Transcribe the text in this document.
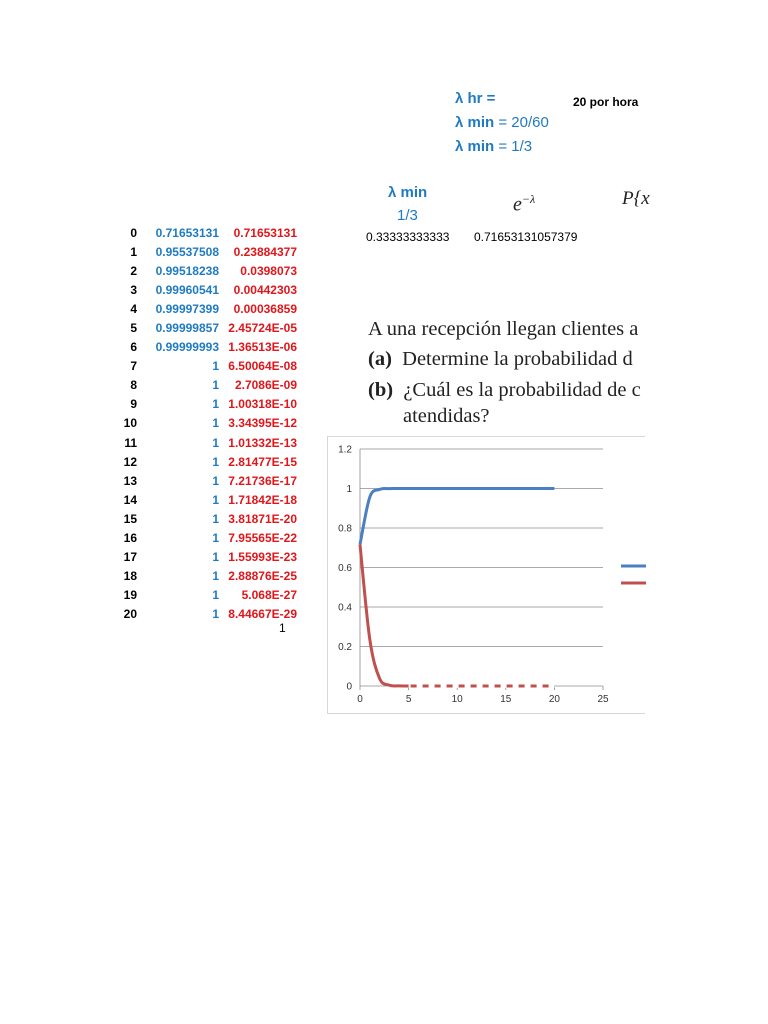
λ hr =	20 por hora
λ min = 20/60
λ min = 1/3
λ min
1/3	$e^{-\lambda}$	P{x
0.33333333333 0.71653131057379
0	0.71653131	0.71653131
1	0.95537508	0.23884377
2	0.99518238	0.0398073
3	0.99960541	0.00442303
4	0.99997399	0.00036859
5	0.99999857 2.45724E-05
6	0.99999993 1.36513E-06
7	1 6.50064E-08
8	1	2.7086E-09
9	1 1.00318E-10
10	1 3.34395E-12
11	1 1.01332E-13
12	1 2.81477E-15
13	1 7.21736E-17
14	1 1.71842E-18
15	1 3.81871E-20
16	1 7.95565E-22
17	1 1.55993E-23
18	1 2.88876E-25
19	1	5.068E-27
20	1 8.44667E-29
1
A una recepción llegan clientes a
(a) Determine la probabilidad d
(b) ¿Cuál es la probabilidad de c
atendidas?
0
0.2
0.4
0.6
0.8
1
1.2
0	5	10	15	20	25
